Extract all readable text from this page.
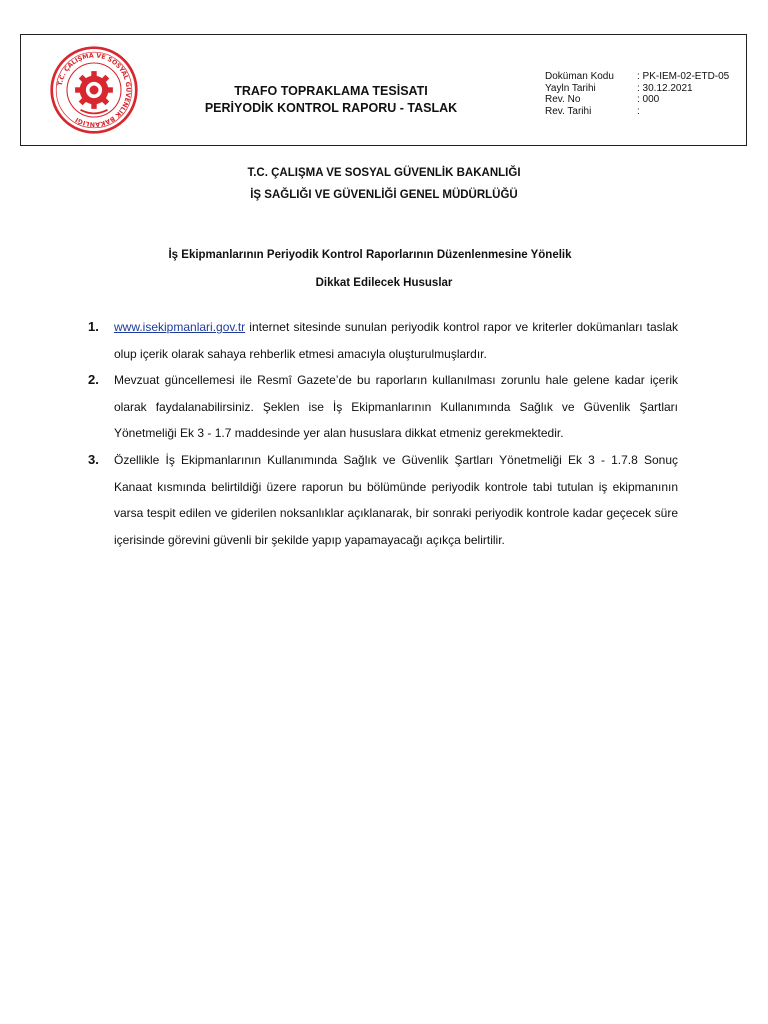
T.C. ÇALIŞMA VE SOSYAL GÜVENLİK BAKANLIĞI
TRAFO TOPRAKLAMA TESİSATI
PERİYODİK KONTROL RAPORU - TASLAK
Doküman Kodu	: PK-IEM-02-ETD-05
Yayln Tarihi	: 30.12.2021
Rev. No	: 000
Rev. Tarihi	:
T.C. ÇALIŞMA VE SOSYAL GÜVENLİK BAKANLIĞI
İŞ SAĞLIĞI VE GÜVENLİĞİ GENEL MÜDÜRLÜĞÜ
İş Ekipmanlarının Periyodik Kontrol Raporlarının Düzenlenmesine Yönelik
Dikkat Edilecek Hususlar
1. www.isekipmanlari.gov.tr internet sitesinde sunulan periyodik kontrol rapor ve kriterler dokümanları taslak olup içerik olarak sahaya rehberlik etmesi amacıyla oluşturulmuşlardır.
2. Mevzuat güncellemesi ile Resmî Gazete’de bu raporların kullanılması zorunlu hale gelene kadar içerik olarak faydalanabilirsiniz. Şeklen ise İş Ekipmanlarının Kullanımında Sağlık ve Güvenlik Şartları Yönetmeliği Ek 3 - 1.7 maddesinde yer alan hususlara dikkat etmeniz gerekmektedir.
3. Özellikle İş Ekipmanlarının Kullanımında Sağlık ve Güvenlik Şartları Yönetmeliği Ek 3 - 1.7.8 Sonuç Kanaat kısmında belirtildiği üzere raporun bu bölümünde periyodik kontrole tabi tutulan iş ekipmanının varsa tespit edilen ve giderilen noksanlıklar açıklanarak, bir sonraki periyodik kontrole kadar geçecek süre içerisinde görevini güvenli bir şekilde yapıp yapamayacağı açıkça belirtilir.
